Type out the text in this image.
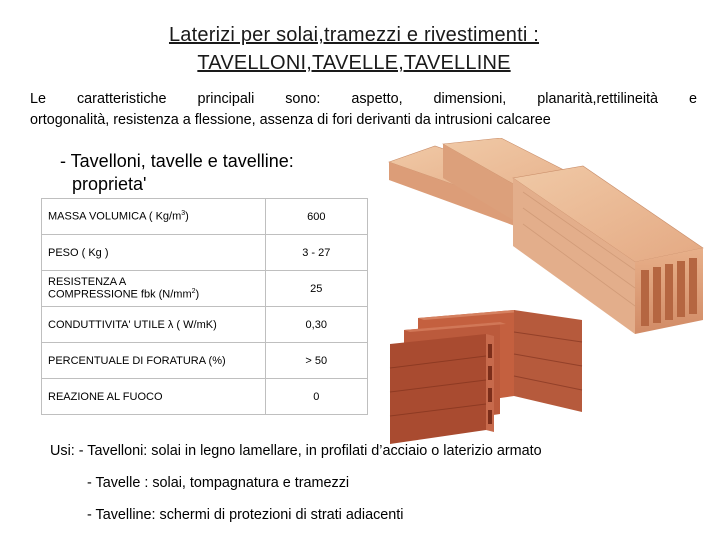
Laterizi per solai,tramezzi e rivestimenti :
TAVELLONI,TAVELLE,TAVELLINE
Le caratteristiche principali sono: aspetto, dimensioni, planarità,rettilineità e
ortogonalità, resistenza a flessione, assenza di fori derivanti da intrusioni calcaree
- Tavelloni, tavelle e tavelline:
proprieta'
MASSA VOLUMICA ( $Kg/m^3$)	600
PESO ( Kg )	3 - 27
RESISTENZA A
COMPRESSIONE fbk $(N/mm^2)$	25
CONDUTTIVITA' UTILE λ ( W/mK)	0,30
PERCENTUALE DI FORATURA (%)	> 50
REAZIONE AL FUOCO	0
Usi: - Tavelloni: solai in legno lamellare, in profilati d’acciaio o laterizio armato
- Tavelle : solai, tompagnatura e tramezzi
- Tavelline: schermi di protezioni di strati adiacenti
